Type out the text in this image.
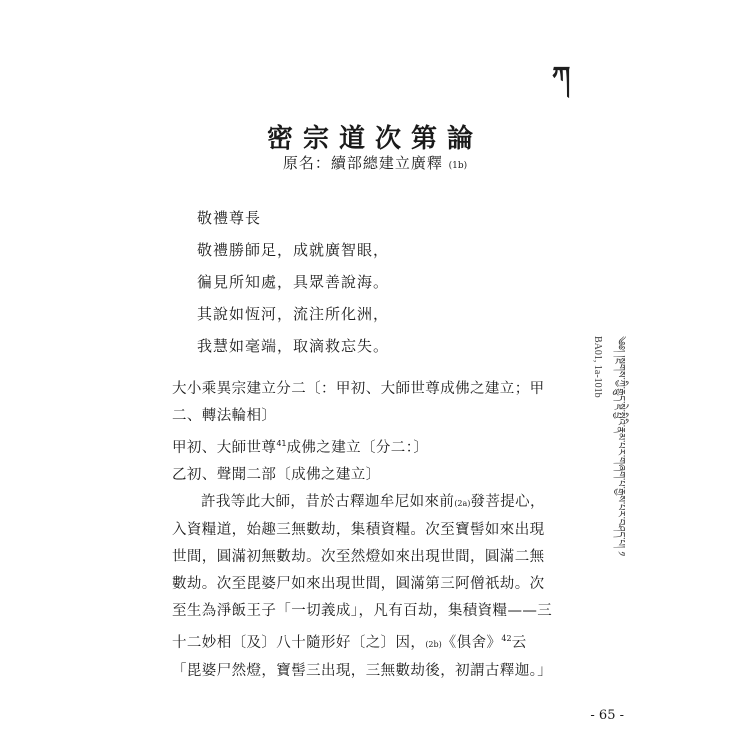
ཀ
密宗道次第論
原名：續部總建立廣釋 (1b)
敬禮尊長
敬禮勝師足，成就廣智眼，
徧見所知處，具眾善說海。
其說如恆河，流注所化洲，
我慧如毫端，取滴救忘失。
大小乘異宗建立分二〔：甲初、大師世尊成佛之建立；甲二、轉法輪相〕
甲初、大師世尊$^{41}$成佛之建立〔分二：〕
乙初、聲聞二部〔成佛之建立〕
許我等此大師，昔於古釋迦牟尼如來前(2a)發菩提心，入資糧道，始趣三無數劫，集積資糧。次至寶髻如來出現世間，圓滿初無數劫。次至然燈如來出現世間，圓滿二無數劫。次至毘婆尸如來出現世間，圓滿第三阿僧祇劫。次至生為淨飯王子「一切義成」，凡有百劫，集積資糧——三十二妙相〔及〕八十隨形好〔之〕因，(2b)《俱舍》$^{42}$云
「毘婆尸然燈，寶髻三出現，三無數劫後，初謂古釋迦。」
༄༅། །སྔགས་ཀྱི་རྒྱུད་སྡེ་སྤྱིའི་རྣམ་པར་གཞག་པ་རྒྱས་པར་བཤད་པ། ༡
BA01, 1a-101b
- 65 -
